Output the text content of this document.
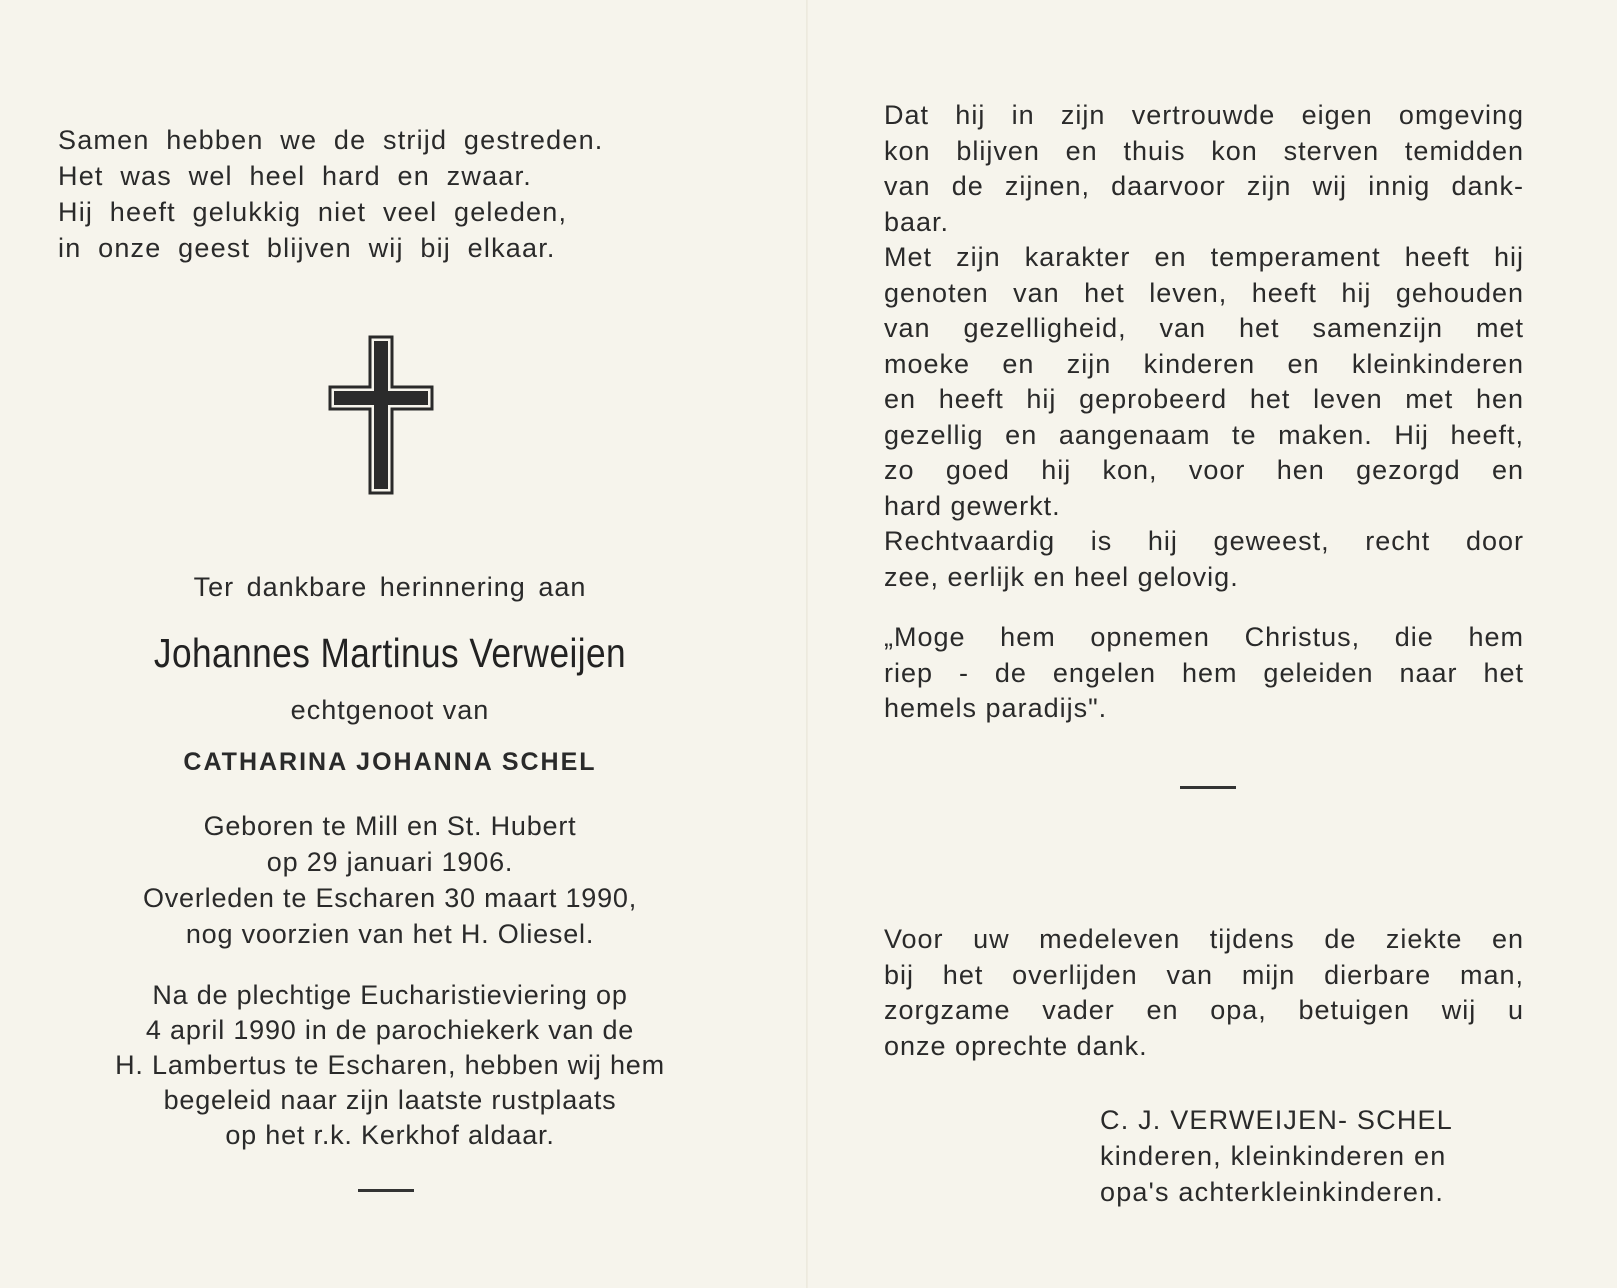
Samen hebben we de strijd gestreden.
Het was wel heel hard en zwaar.
Hij heeft gelukkig niet veel geleden,
in onze geest blijven wij bij elkaar.
Ter dankbare herinnering aan
Johannes Martinus Verweijen
echtgenoot van
CATHARINA JOHANNA SCHEL
Geboren te Mill en St. Hubert
op 29 januari 1906.
Overleden te Escharen 30 maart 1990,
nog voorzien van het H. Oliesel.
Na de plechtige Eucharistieviering op
4 april 1990 in de parochiekerk van de
H. Lambertus te Escharen, hebben wij hem
begeleid naar zijn laatste rustplaats
op het r.k. Kerkhof aldaar.
Dat hij in zijn vertrouwde eigen omgeving
kon blijven en thuis kon sterven temidden
van de zijnen, daarvoor zijn wij innig dank-
baar.
Met zijn karakter en temperament heeft hij
genoten van het leven, heeft hij gehouden
van gezelligheid, van het samenzijn met
moeke en zijn kinderen en kleinkinderen
en heeft hij geprobeerd het leven met hen
gezellig en aangenaam te maken. Hij heeft,
zo goed hij kon, voor hen gezorgd en
hard gewerkt.
Rechtvaardig is hij geweest, recht door
zee, eerlijk en heel gelovig.
„Moge hem opnemen Christus, die hem
riep - de engelen hem geleiden naar het
hemels paradijs".
Voor uw medeleven tijdens de ziekte en
bij het overlijden van mijn dierbare man,
zorgzame vader en opa, betuigen wij u
onze oprechte dank.
C. J. VERWEIJEN- SCHEL
kinderen, kleinkinderen en
opa's achterkleinkinderen.
